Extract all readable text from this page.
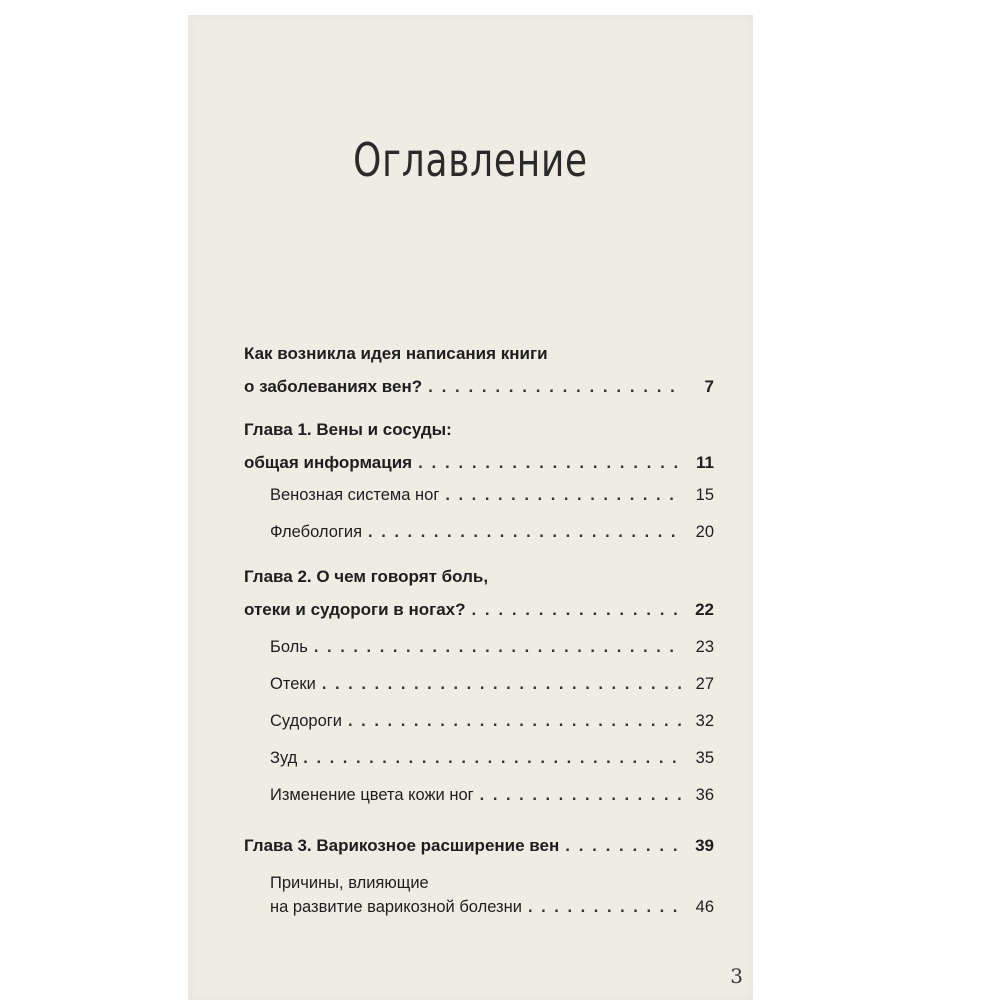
Оглавление
Как возникла идея написания книги
о заболеваниях вен? . . .	7
Глава 1. Вены и сосуды:
общая информация . . .	11
Венозная система ног . . .	15
Флебология . . .	20
Глава 2. О чем говорят боль,
отеки и судороги в ногах? . . .	22
Боль . . .	23
Отеки . . .	27
Судороги . . .	32
Зуд . . .	35
Изменение цвета кожи ног . . .	36
Глава 3. Варикозное расширение вен . . .	39
Причины, влияющие
на развитие варикозной болезни . . .	46
3
